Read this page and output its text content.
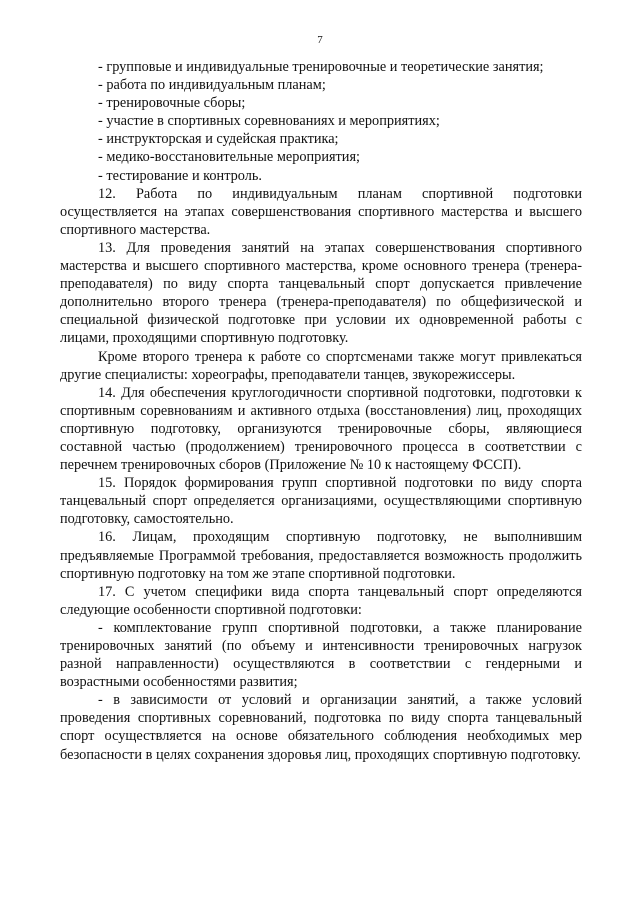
7

- групповые и индивидуальные тренировочные и теоретические занятия;

- работа по индивидуальным планам;

- тренировочные сборы;

- участие в спортивных соревнованиях и мероприятиях;

- инструкторская и судейская практика;

- медико-восстановительные мероприятия;

- тестирование и контроль.

12. Работа по индивидуальным планам спортивной подготовки осуществляется на этапах совершенствования спортивного мастерства и высшего спортивного мастерства.

13. Для проведения занятий на этапах совершенствования спортивного мастерства и высшего спортивного мастерства, кроме основного тренера (тренера-преподавателя) по виду спорта танцевальный спорт допускается привлечение дополнительно второго тренера (тренера-преподавателя) по общефизической и специальной физической подготовке при условии их одновременной работы с лицами, проходящими спортивную подготовку.

Кроме второго тренера к работе со спортсменами также могут привлекаться другие специалисты: хореографы, преподаватели танцев, звукорежиссеры.

14. Для обеспечения круглогодичности спортивной подготовки, подготовки к спортивным соревнованиям и активного отдыха (восстановления) лиц, проходящих спортивную подготовку, организуются тренировочные сборы, являющиеся составной частью (продолжением) тренировочного процесса в соответствии с перечнем тренировочных сборов (Приложение № 10 к настоящему ФССП).

15. Порядок формирования групп спортивной подготовки по виду спорта танцевальный спорт определяется организациями, осуществляющими спортивную подготовку, самостоятельно.

16. Лицам, проходящим спортивную подготовку, не выполнившим предъявляемые Программой требования, предоставляется возможность продолжить спортивную подготовку на том же этапе спортивной подготовки.

17. С учетом специфики вида спорта танцевальный спорт определяются следующие особенности спортивной подготовки:

- комплектование групп спортивной подготовки, а также планирование тренировочных занятий (по объему и интенсивности тренировочных нагрузок разной направленности) осуществляются в соответствии с гендерными и возрастными особенностями развития;

- в зависимости от условий и организации занятий, а также условий проведения спортивных соревнований, подготовка по виду спорта танцевальный спорт осуществляется на основе обязательного соблюдения необходимых мер безопасности в целях сохранения здоровья лиц, проходящих спортивную подготовку.
